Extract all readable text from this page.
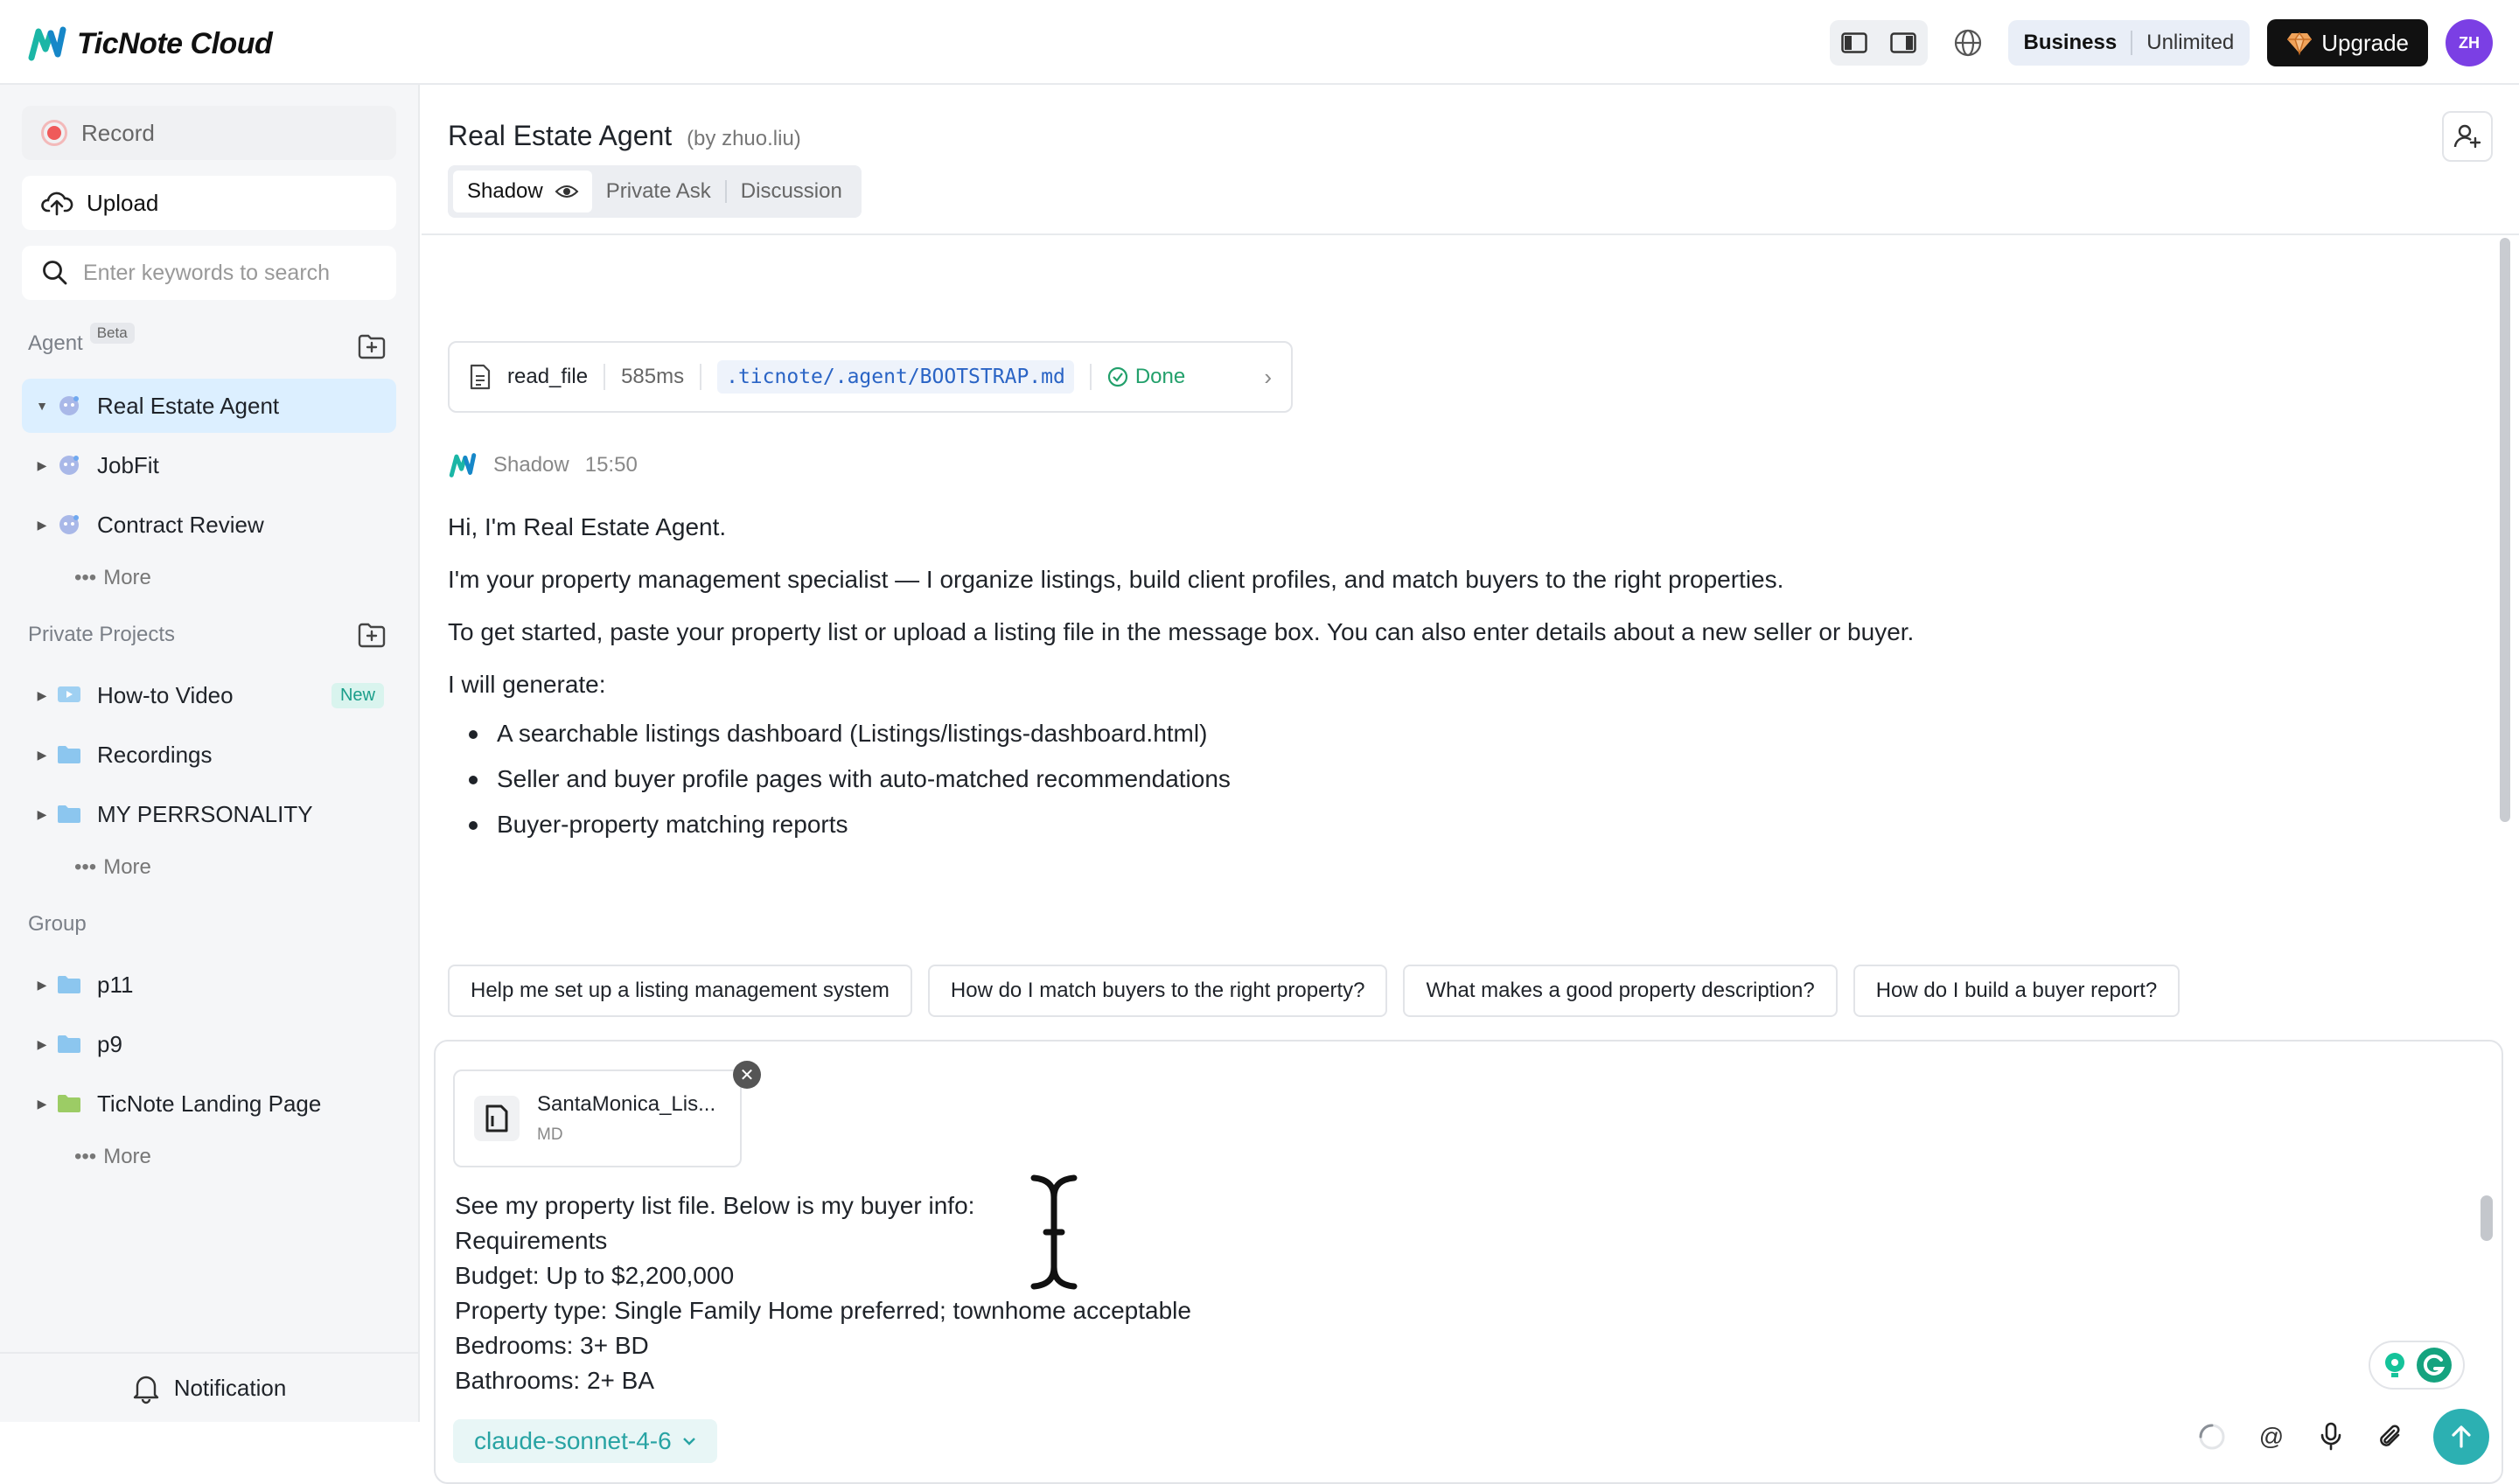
TicNote Cloud	Business Unlimited	Upgrade	ZH
Record
Upload
Enter keywords to search
Agent Beta
▼	Real Estate Agent
▶	JobFit
▶	Contract Review
••• More
Private Projects
▶	How-to Video	New
▶	Recordings
▶	MY PERRSONALITY
••• More
Group
▶	p11
▶	p9
▶	TicNote Landing Page
••• More
Notification
Real Estate Agent (by zhuo.liu)
Shadow	Private Ask Discussion
read_file 585ms	.ticnote/.agent/BOOTSTRAP.md	Done	›
Shadow 15:50

Hi, I'm Real Estate Agent.

I'm your property management specialist — I organize listings, build client profiles, and match buyers to the right properties.

To get started, paste your property list or upload a listing file in the message box. You can also enter details about a new seller or buyer.

I will generate:

A searchable listings dashboard (Listings/listings-dashboard.html)
Seller and buyer profile pages with auto-matched recommendations
Buyer-property matching reports
Help me set up a listing management system	How do I match buyers to the right property?	What makes a good property description?	How do I build a buyer report?
SantaMonica_Lis...
MD
✕
See my property list file. Below is my buyer info:
Requirements
Budget: Up to $2,200,000
Property type: Single Family Home preferred; townhome acceptable
Bedrooms: 3+ BD
Bathrooms: 2+ BA
claude-sonnet-4-6	@
